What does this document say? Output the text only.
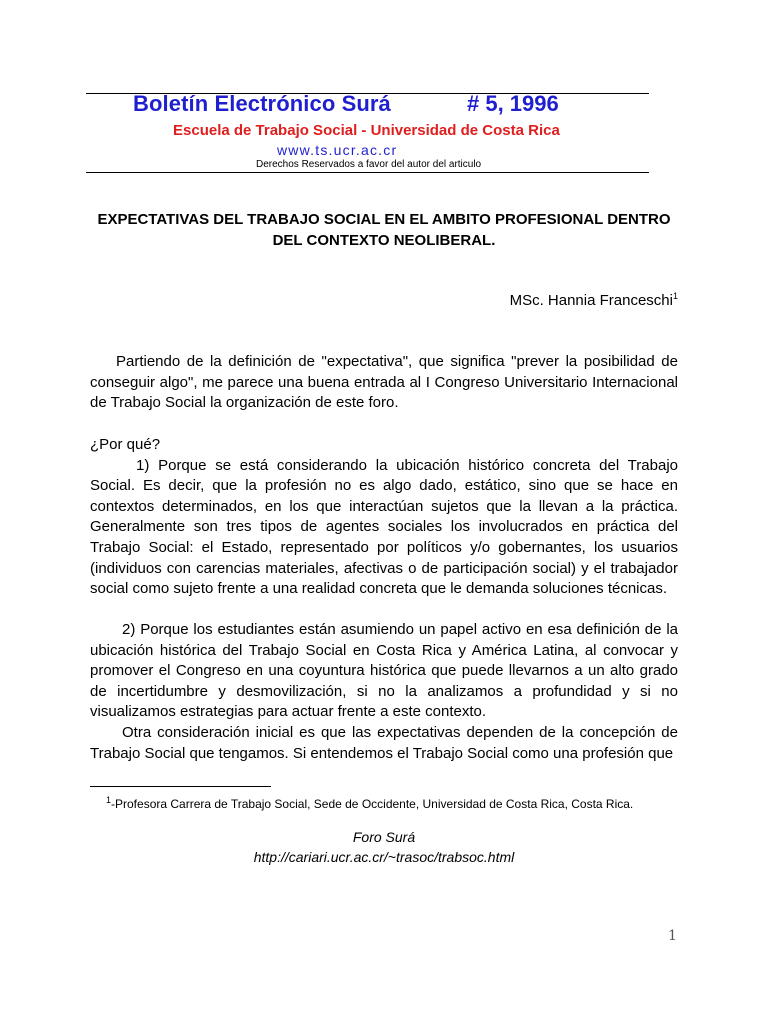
Boletín Electrónico Surá	# 5, 1996
Escuela de Trabajo Social - Universidad de Costa Rica
www.ts.ucr.ac.cr
Derechos Reservados a favor del autor del articulo
EXPECTATIVAS DEL TRABAJO SOCIAL EN EL AMBITO PROFESIONAL DENTRO DEL CONTEXTO NEOLIBERAL.
MSc. Hannia Franceschi$^1$

Partiendo de la definición de "expectativa", que significa "prever la posibilidad de conseguir algo", me parece una buena entrada al I Congreso Universitario Internacional de Trabajo Social la organización de este foro.

¿Por qué?

1) Porque se está considerando la ubicación histórico concreta del Trabajo Social. Es decir, que la profesión no es algo dado, estático, sino que se hace en contextos determinados, en los que interactúan sujetos que la llevan a la práctica. Generalmente son tres tipos de agentes sociales los involucrados en práctica del Trabajo Social: el Estado, representado por políticos y/o gobernantes, los usuarios (individuos con carencias materiales, afectivas o de participación social) y el trabajador social como sujeto frente a una realidad concreta que le demanda soluciones técnicas.

2) Porque los estudiantes están asumiendo un papel activo en esa definición de la ubicación histórica del Trabajo Social en Costa Rica y América Latina, al convocar y promover el Congreso en una coyuntura histórica que puede llevarnos a un alto grado de incertidumbre y desmovilización, si no la analizamos a profundidad y si no visualizamos estrategias para actuar frente a este contexto.

Otra consideración inicial es que las expectativas dependen de la concepción de Trabajo Social que tengamos. Si entendemos el Trabajo Social como una profesión que

$^1$-Profesora Carrera de Trabajo Social, Sede de Occidente, Universidad de Costa Rica, Costa Rica.
Foro Surá
http://cariari.ucr.ac.cr/~trasoc/trabsoc.html
1
